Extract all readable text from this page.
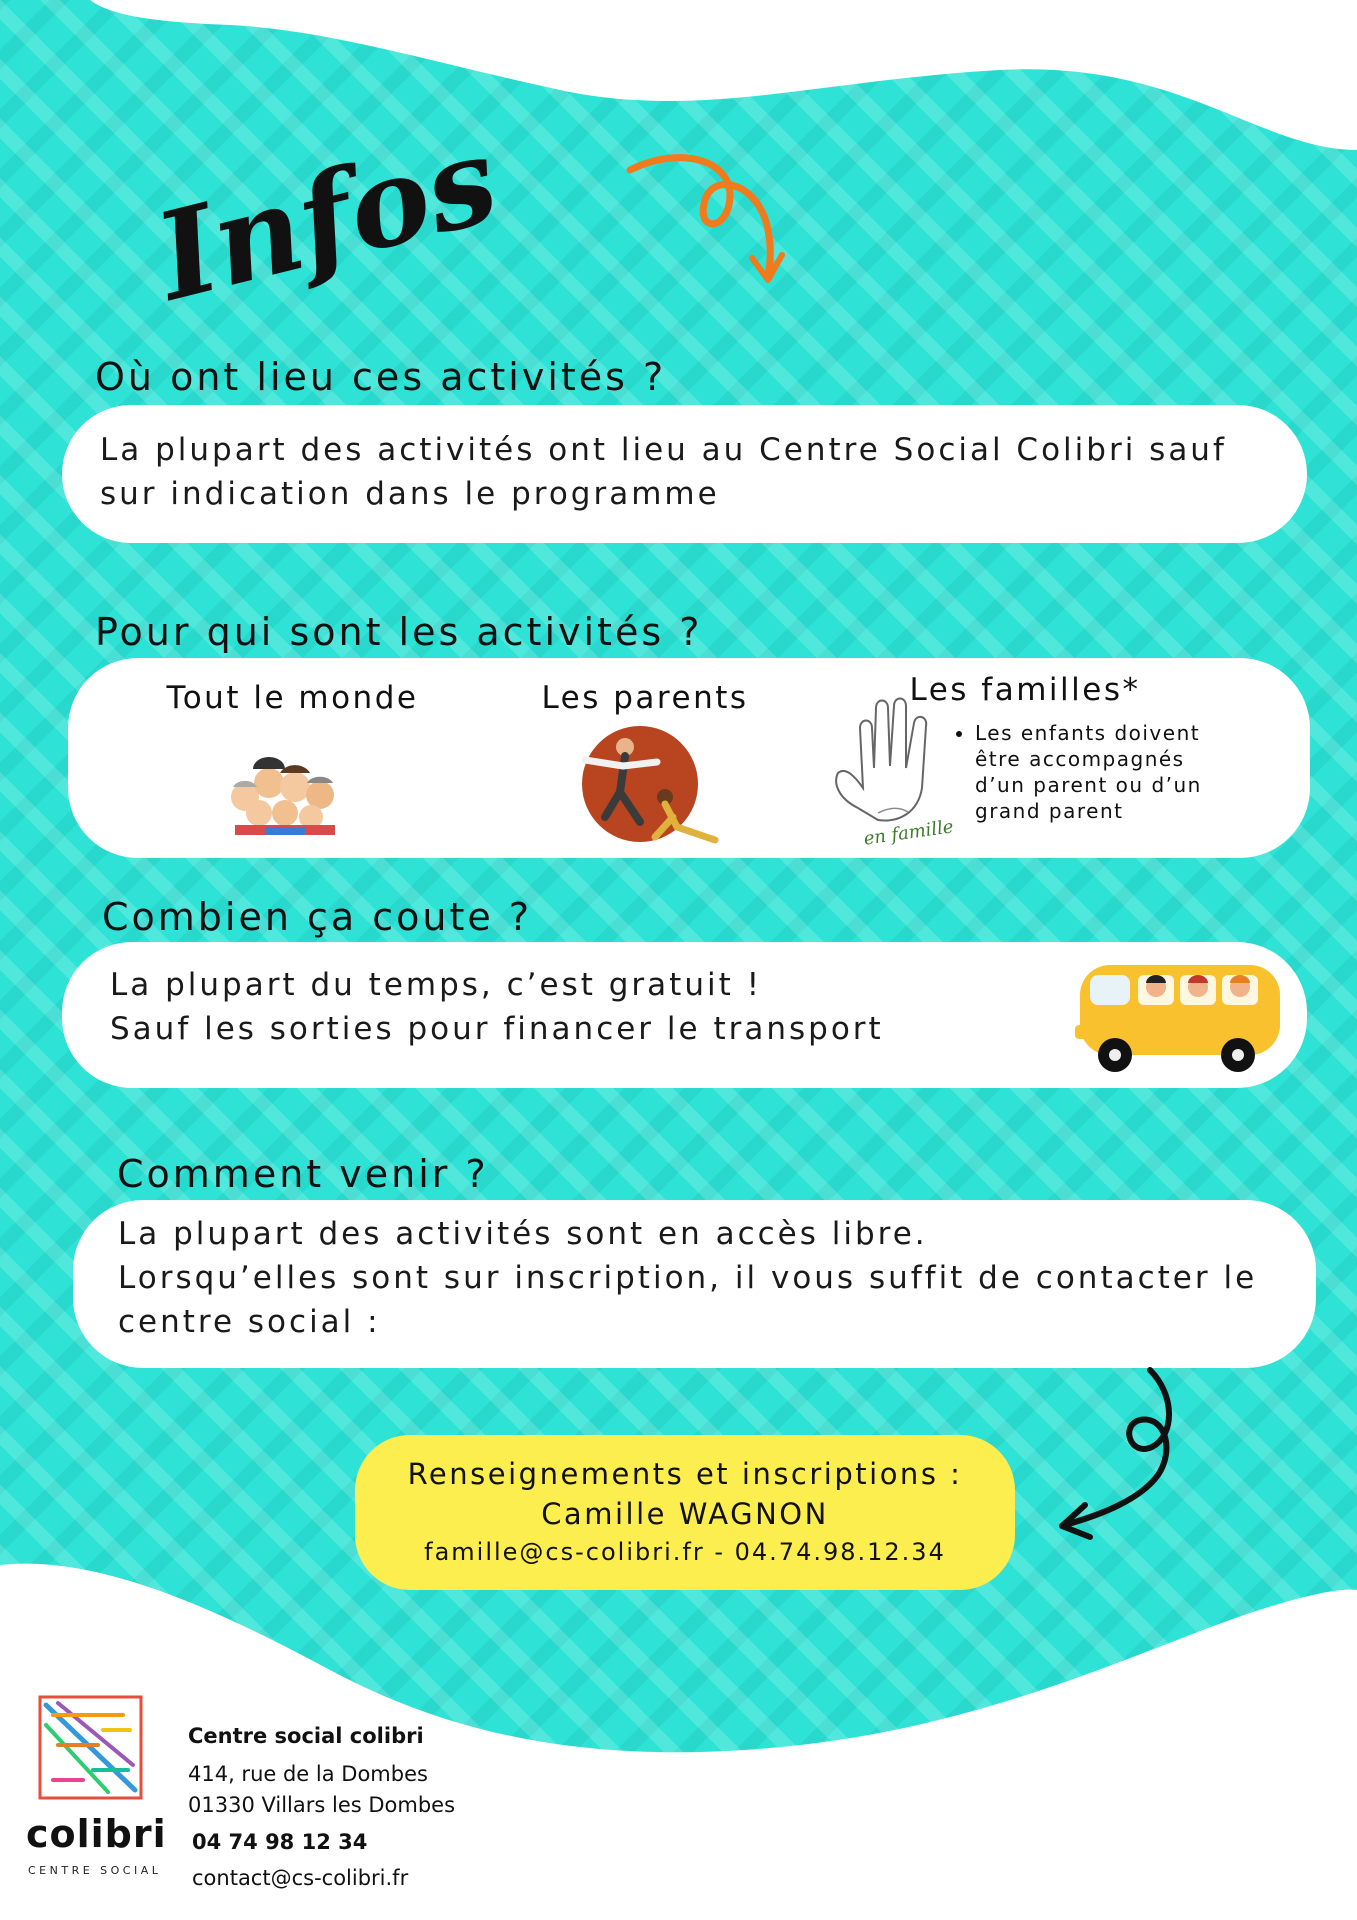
Infos
Où ont lieu ces activités ?
La plupart des activités ont lieu au Centre Social Colibri sauf
sur indication dans le programme
Pour qui sont les activités ?
Tout le monde	Les parents	Les familles*
en famille
• Les enfants doivent
être accompagnés
d’un parent ou d’un
grand parent
Combien ça coute ?
La plupart du temps, c’est gratuit !
Sauf les sorties pour financer le transport
Comment venir ?
La plupart des activités sont en accès libre.
Lorsqu’elles sont sur inscription, il vous suffit de contacter le
centre social :
Renseignements et inscriptions :
Camille WAGNON
famille@cs-colibri.fr - 04.74.98.12.34
colibri
CENTRE SOCIAL
Centre social colibri
414, rue de la Dombes
01330 Villars les Dombes
04 74 98 12 34
contact@cs-colibri.fr
